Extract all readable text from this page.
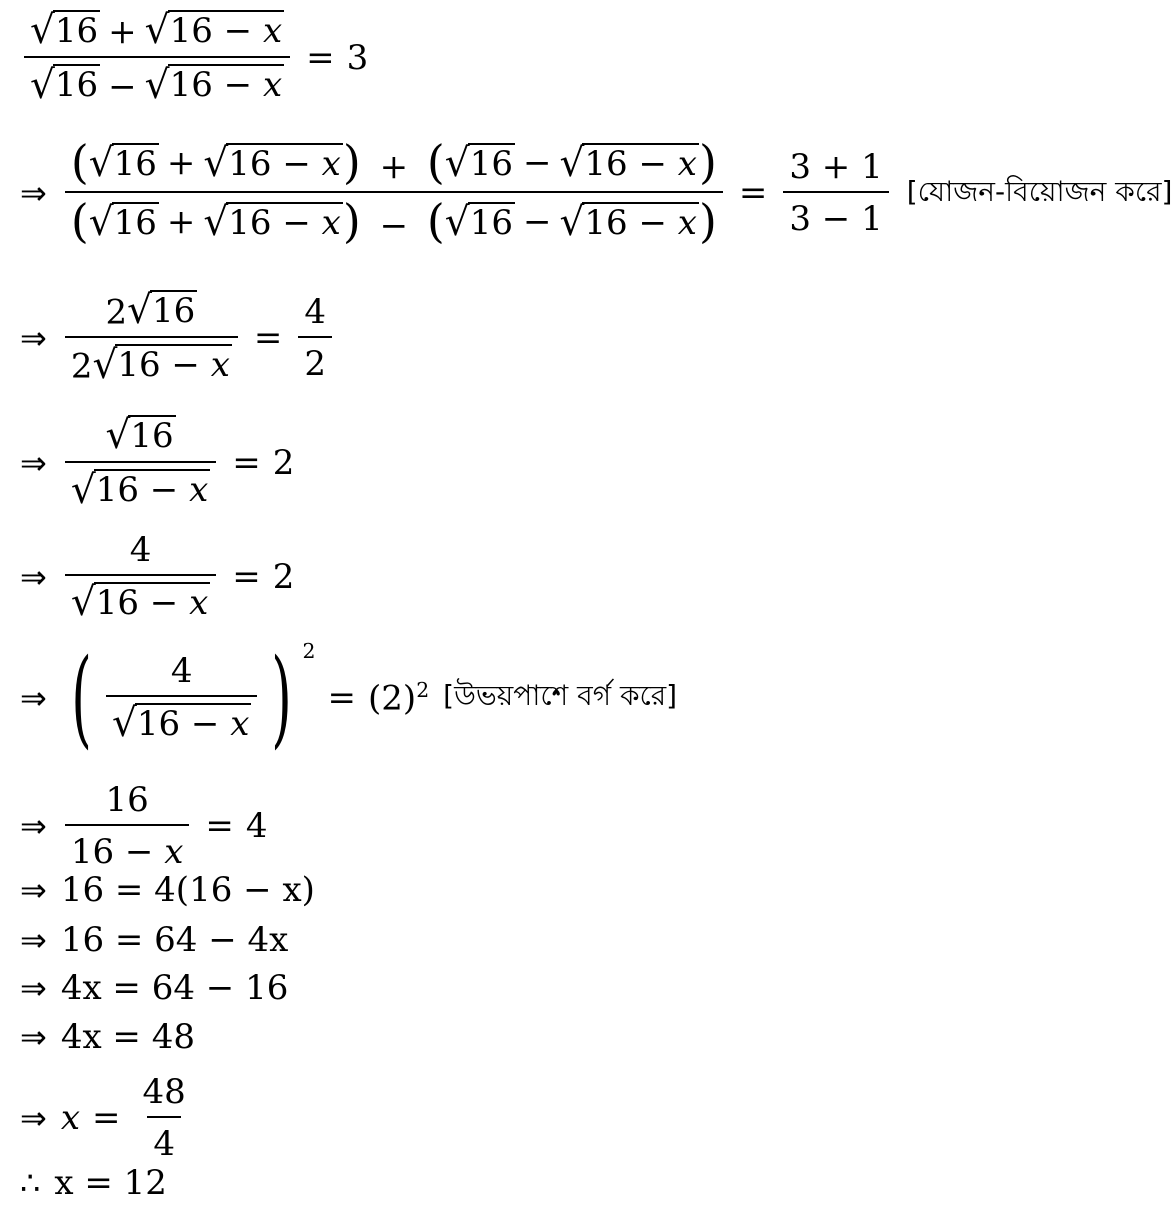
$\frac{√ 16 + √ 16 - x}{√ 16 - √ 16 - x} = 3$
⇒ $\frac{( √ 16 + √ 16 - x ) + ( √ 16 - √ 16 - x )}{( √ 16 + √ 16 - x ) - ( √ 16 - √ 16 - x )} = \frac{3 + 1}{3 - 1}$ [যোজন-বিয়োজন করে]
⇒ $\frac{2 √ 16}{2 √ 16 - x} = \frac{4}{2}$
⇒ $\frac{√ 16}{√ 16 - x} = 2$
⇒ $\frac{4}{√ 16 - x} = 2$
⇒ ( $\frac{4}{√ 16 - x}$ ) $^2$
= $(2)^2$ [উভয়পাশে বর্গ করে]
⇒ $\frac{16}{16 - x} = 4$
⇒ 16 = 4(16 − x)
⇒ 16 = 64 − 4x
⇒ 4x = 64 − 16
⇒ 4x = 48
⇒ $x = \frac{48}{4}$
∴ x = 12
